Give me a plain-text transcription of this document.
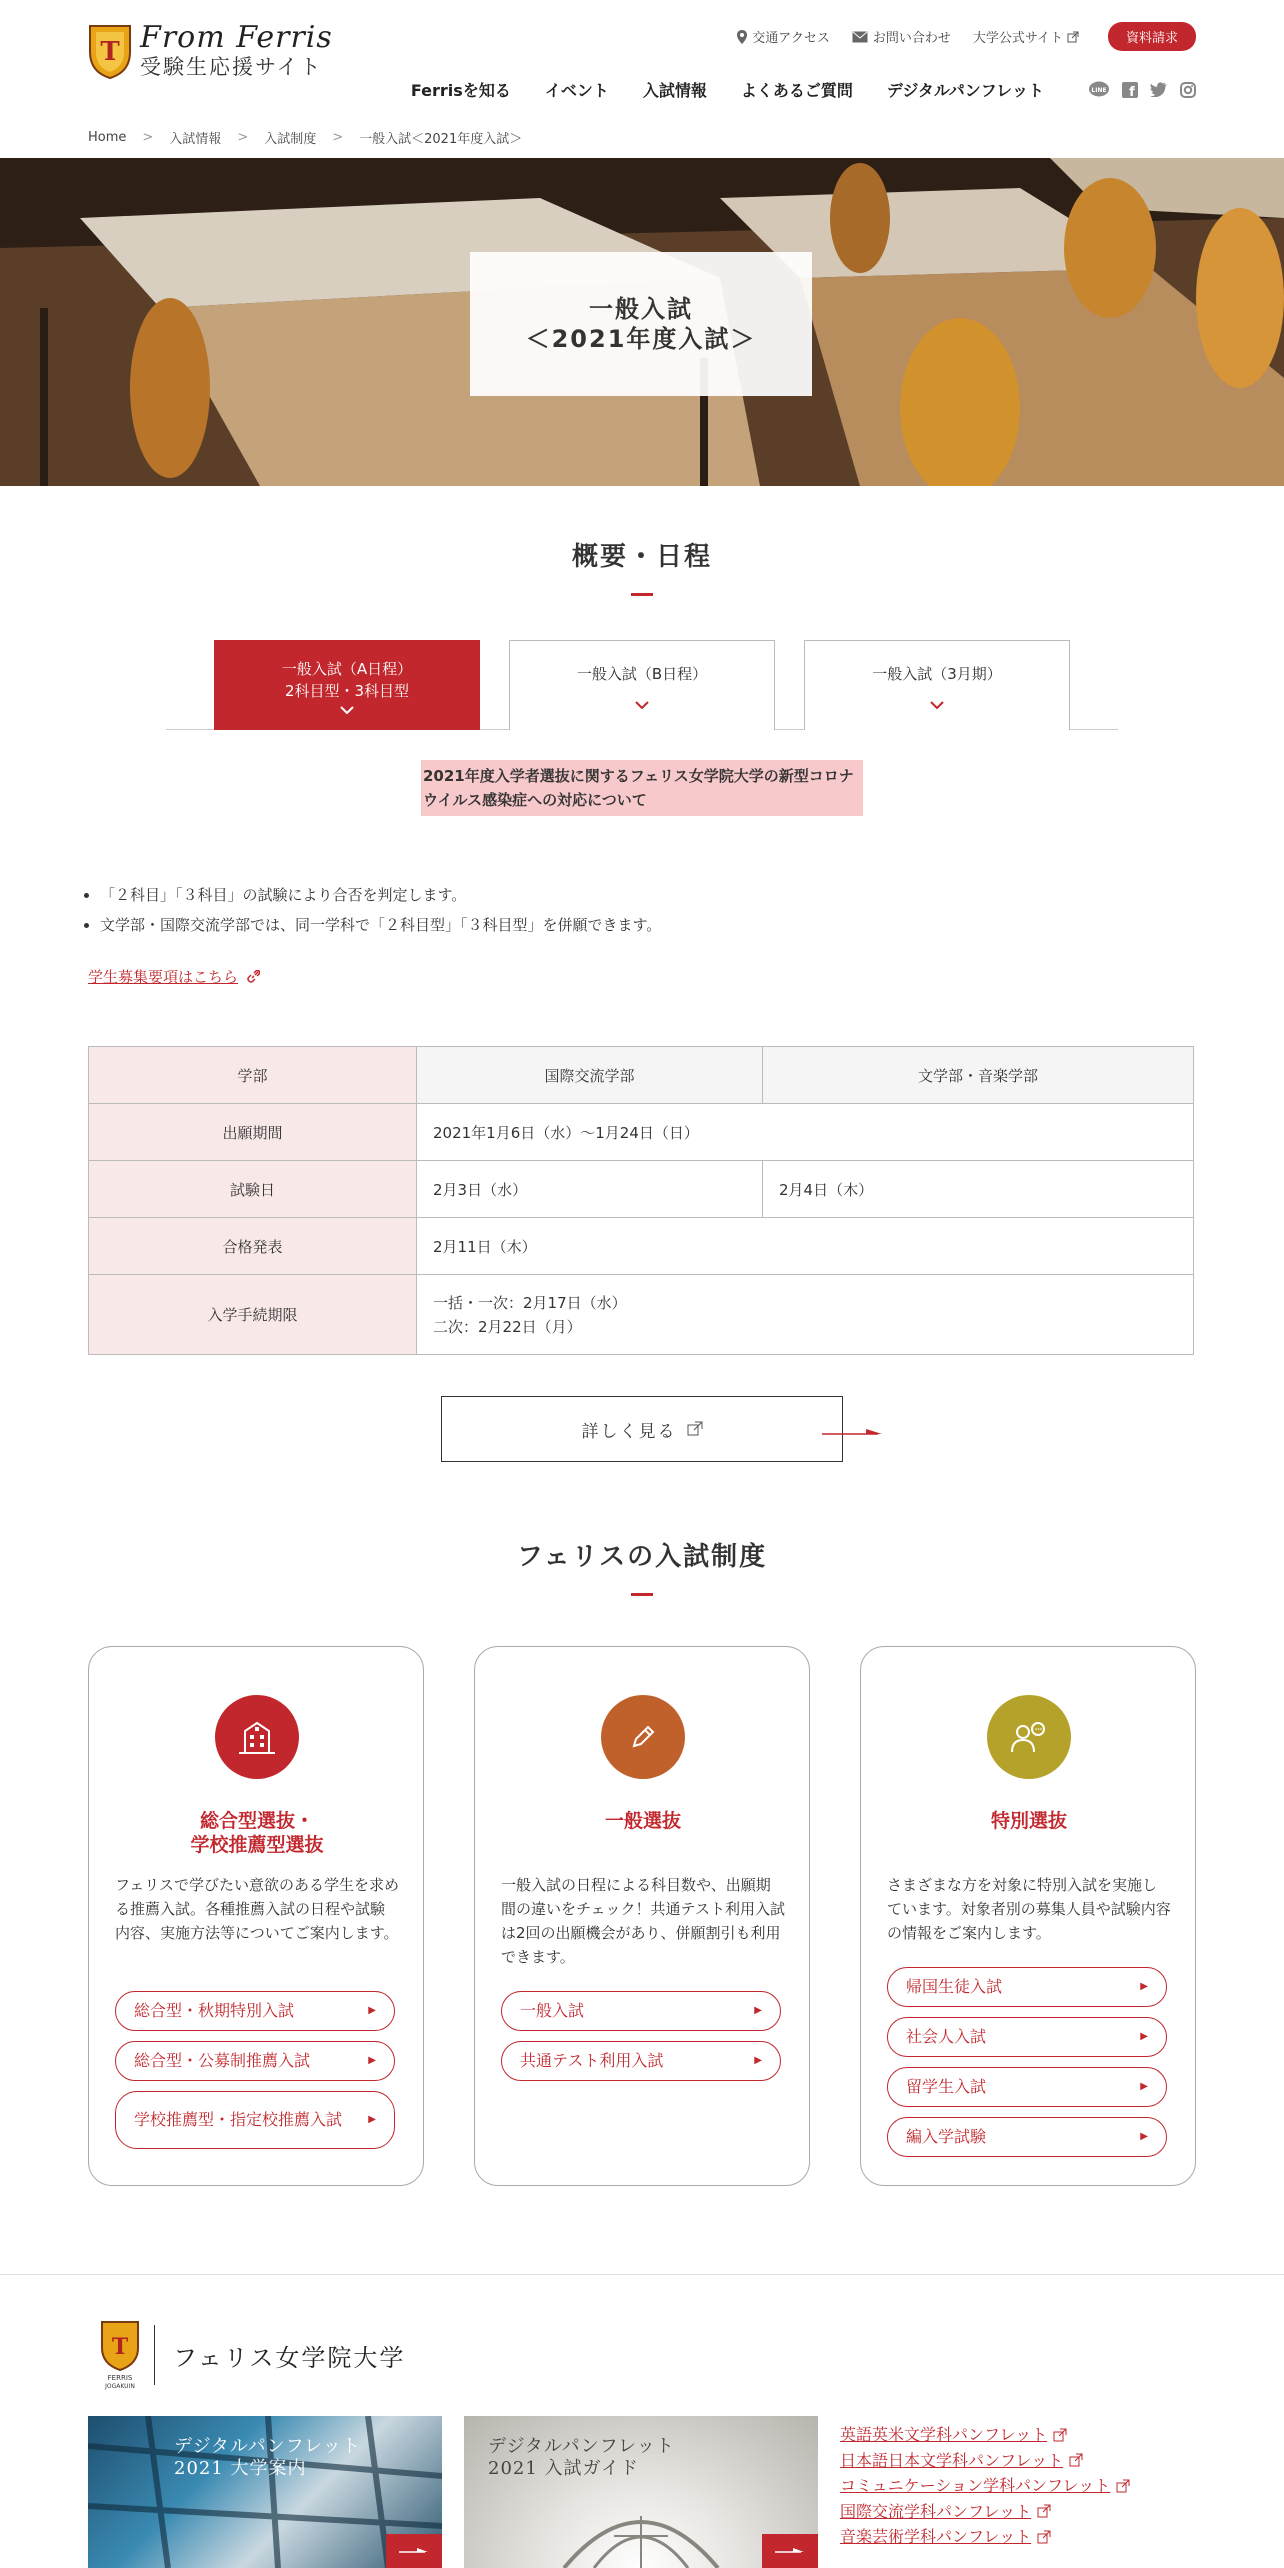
T From Ferris
受験生応援サイト
交通アクセス	お問い合わせ 大学公式サイト	資料請求
Ferrisを知る イベント 入試情報 よくあるご質問 デジタルパンフレット	LINE f
Home > 入試情報 > 入試制度 > 一般入試＜2021年度入試＞
一般入試
＜2021年度入試＞
概要・日程
一般入試（A日程）
2科目型・3科目型
一般入試（B日程）	一般入試（3月期）
2021年度入学者選抜に関するフェリス女学院大学の新型コロナウイルス感染症への対応について
• 「２科目」「３科目」の試験により合否を判定します。
• 文学部・国際交流学部では、同一学科で「２科目型」「３科目型」を併願できます。
学生募集要項はこちら
学部	国際交流学部	文学部・音楽学部
出願期間	2021年1月6日（水）～1月24日（日）	
試験日	2月3日（水）	2月4日（木）
合格発表	2月11日（木）	
入学手続期限	一括・一次：2月17日（水）
二次：2月22日（月）	
詳しく見る
フェリスの入試制度
総合型選抜・
学校推薦型選抜
フェリスで学びたい意欲のある学生を求める推薦入試。各種推薦入試の日程や試験内容、実施方法等についてご案内します。
総合型・秋期特別入試	▶
総合型・公募制推薦入試	▶
学校推薦型・指定校推薦入試	▶
一般選抜
一般入試の日程による科目数や、出願期間の違いをチェック！共通テスト利用入試は2回の出願機会があり、併願割引も利用できます。
一般入試	▶
共通テスト利用入試	▶
特別選抜
さまざまな方を対象に特別入試を実施しています。対象者別の募集人員や試験内容の情報をご案内します。
帰国生徒入試	▶
社会人入試	▶
留学生入試	▶
編入学試験	▶
T
FERRIS
JOGAKUIN
フェリス女学院大学
デジタルパンフレット
2021 大学案内
デジタルパンフレット
2021 入試ガイド
英語英米文学科パンフレット
日本語日本文学科パンフレット
コミュニケーション学科パンフレット
国際交流学科パンフレット
音楽芸術学科パンフレット
